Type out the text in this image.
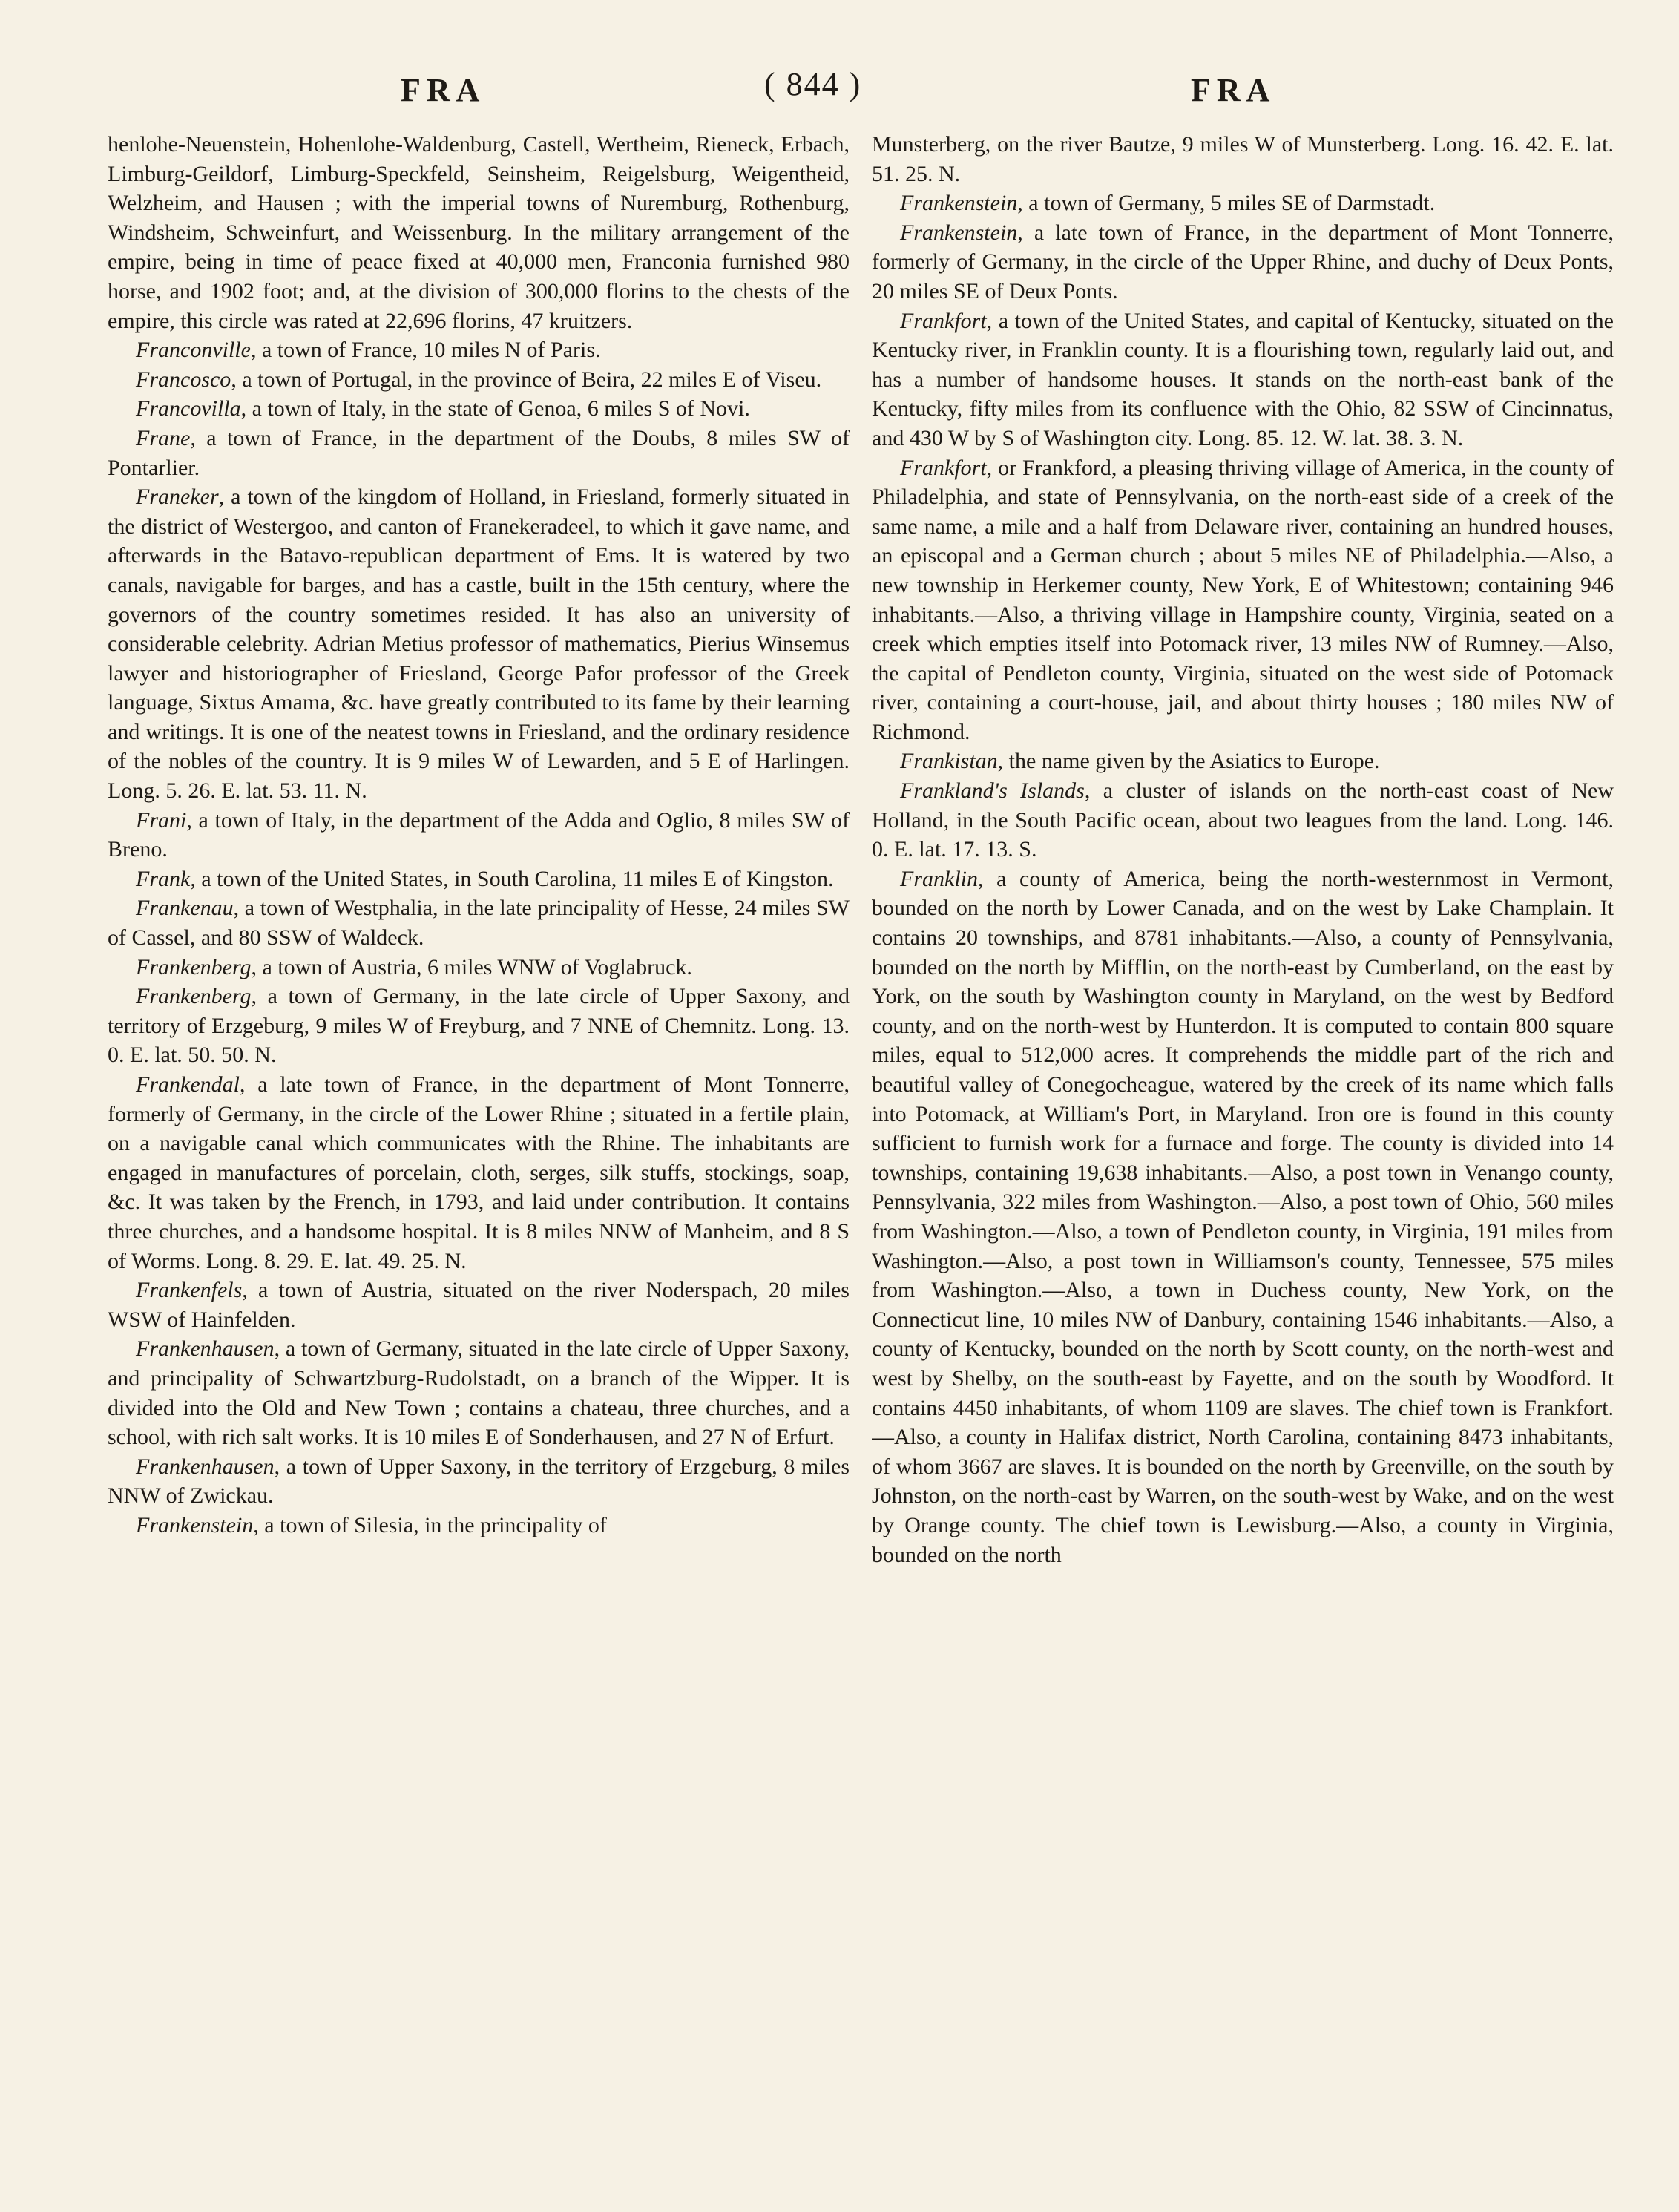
FRA	( 844 )	FRA

henlohe-Neuenstein, Hohenlohe-Waldenburg, Castell, Wertheim, Rieneck, Erbach, Limburg-Geildorf, Limburg-Speckfeld, Seinsheim, Reigelsburg, Weigentheid, Welzheim, and Hausen ; with the imperial towns of Nuremburg, Rothenburg, Windsheim, Schweinfurt, and Weissenburg. In the military arrangement of the empire, being in time of peace fixed at 40,000 men, Franconia furnished 980 horse, and 1902 foot; and, at the division of 300,000 florins to the chests of the empire, this circle was rated at 22,696 florins, 47 kruitzers.

Franconville, a town of France, 10 miles N of Paris.

Francosco, a town of Portugal, in the province of Beira, 22 miles E of Viseu.

Francovilla, a town of Italy, in the state of Genoa, 6 miles S of Novi.

Frane, a town of France, in the department of the Doubs, 8 miles SW of Pontarlier.

Franeker, a town of the kingdom of Holland, in Friesland, formerly situated in the district of Westergoo, and canton of Franekeradeel, to which it gave name, and afterwards in the Batavo-republican department of Ems. It is watered by two canals, navigable for barges, and has a castle, built in the 15th century, where the governors of the country sometimes resided. It has also an university of considerable celebrity. Adrian Metius professor of mathematics, Pierius Winsemus lawyer and historiographer of Friesland, George Pafor professor of the Greek language, Sixtus Amama, &c. have greatly contributed to its fame by their learning and writings. It is one of the neatest towns in Friesland, and the ordinary residence of the nobles of the country. It is 9 miles W of Lewarden, and 5 E of Harlingen. Long. 5. 26. E. lat. 53. 11. N.

Frani, a town of Italy, in the department of the Adda and Oglio, 8 miles SW of Breno.

Frank, a town of the United States, in South Carolina, 11 miles E of Kingston.

Frankenau, a town of Westphalia, in the late principality of Hesse, 24 miles SW of Cassel, and 80 SSW of Waldeck.

Frankenberg, a town of Austria, 6 miles WNW of Voglabruck.

Frankenberg, a town of Germany, in the late circle of Upper Saxony, and territory of Erzgeburg, 9 miles W of Freyburg, and 7 NNE of Chemnitz. Long. 13. 0. E. lat. 50. 50. N.

Frankendal, a late town of France, in the department of Mont Tonnerre, formerly of Germany, in the circle of the Lower Rhine ; situated in a fertile plain, on a navigable canal which communicates with the Rhine. The inhabitants are engaged in manufactures of porcelain, cloth, serges, silk stuffs, stockings, soap, &c. It was taken by the French, in 1793, and laid under contribution. It contains three churches, and a handsome hospital. It is 8 miles NNW of Manheim, and 8 S of Worms. Long. 8. 29. E. lat. 49. 25. N.

Frankenfels, a town of Austria, situated on the river Noderspach, 20 miles WSW of Hainfelden.

Frankenhausen, a town of Germany, situated in the late circle of Upper Saxony, and principality of Schwartzburg-Rudolstadt, on a branch of the Wipper. It is divided into the Old and New Town ; contains a chateau, three churches, and a school, with rich salt works. It is 10 miles E of Sonderhausen, and 27 N of Erfurt.

Frankenhausen, a town of Upper Saxony, in the territory of Erzgeburg, 8 miles NNW of Zwickau.

Frankenstein, a town of Silesia, in the principality of

Munsterberg, on the river Bautze, 9 miles W of Munsterberg. Long. 16. 42. E. lat. 51. 25. N.

Frankenstein, a town of Germany, 5 miles SE of Darmstadt.

Frankenstein, a late town of France, in the department of Mont Tonnerre, formerly of Germany, in the circle of the Upper Rhine, and duchy of Deux Ponts, 20 miles SE of Deux Ponts.

Frankfort, a town of the United States, and capital of Kentucky, situated on the Kentucky river, in Franklin county. It is a flourishing town, regularly laid out, and has a number of handsome houses. It stands on the north-east bank of the Kentucky, fifty miles from its confluence with the Ohio, 82 SSW of Cincinnatus, and 430 W by S of Washington city. Long. 85. 12. W. lat. 38. 3. N.

Frankfort, or Frankford, a pleasing thriving village of America, in the county of Philadelphia, and state of Pennsylvania, on the north-east side of a creek of the same name, a mile and a half from Delaware river, containing an hundred houses, an episcopal and a German church ; about 5 miles NE of Philadelphia.—Also, a new township in Herkemer county, New York, E of Whitestown; containing 946 inhabitants.—Also, a thriving village in Hampshire county, Virginia, seated on a creek which empties itself into Potomack river, 13 miles NW of Rumney.—Also, the capital of Pendleton county, Virginia, situated on the west side of Potomack river, containing a court-house, jail, and about thirty houses ; 180 miles NW of Richmond.

Frankistan, the name given by the Asiatics to Europe.

Frankland's Islands, a cluster of islands on the north-east coast of New Holland, in the South Pacific ocean, about two leagues from the land. Long. 146. 0. E. lat. 17. 13. S.

Franklin, a county of America, being the north-westernmost in Vermont, bounded on the north by Lower Canada, and on the west by Lake Champlain. It contains 20 townships, and 8781 inhabitants.—Also, a county of Pennsylvania, bounded on the north by Mifflin, on the north-east by Cumberland, on the east by York, on the south by Washington county in Maryland, on the west by Bedford county, and on the north-west by Hunterdon. It is computed to contain 800 square miles, equal to 512,000 acres. It comprehends the middle part of the rich and beautiful valley of Conegocheague, watered by the creek of its name which falls into Potomack, at William's Port, in Maryland. Iron ore is found in this county sufficient to furnish work for a furnace and forge. The county is divided into 14 townships, containing 19,638 inhabitants.—Also, a post town in Venango county, Pennsylvania, 322 miles from Washington.—Also, a post town of Ohio, 560 miles from Washington.—Also, a town of Pendleton county, in Virginia, 191 miles from Washington.—Also, a post town in Williamson's county, Tennessee, 575 miles from Washington.—Also, a town in Duchess county, New York, on the Connecticut line, 10 miles NW of Danbury, containing 1546 inhabitants.—Also, a county of Kentucky, bounded on the north by Scott county, on the north-west and west by Shelby, on the south-east by Fayette, and on the south by Woodford. It contains 4450 inhabitants, of whom 1109 are slaves. The chief town is Frankfort.—Also, a county in Halifax district, North Carolina, containing 8473 inhabitants, of whom 3667 are slaves. It is bounded on the north by Greenville, on the south by Johnston, on the north-east by Warren, on the south-west by Wake, and on the west by Orange county. The chief town is Lewisburg.—Also, a county in Virginia, bounded on the north
